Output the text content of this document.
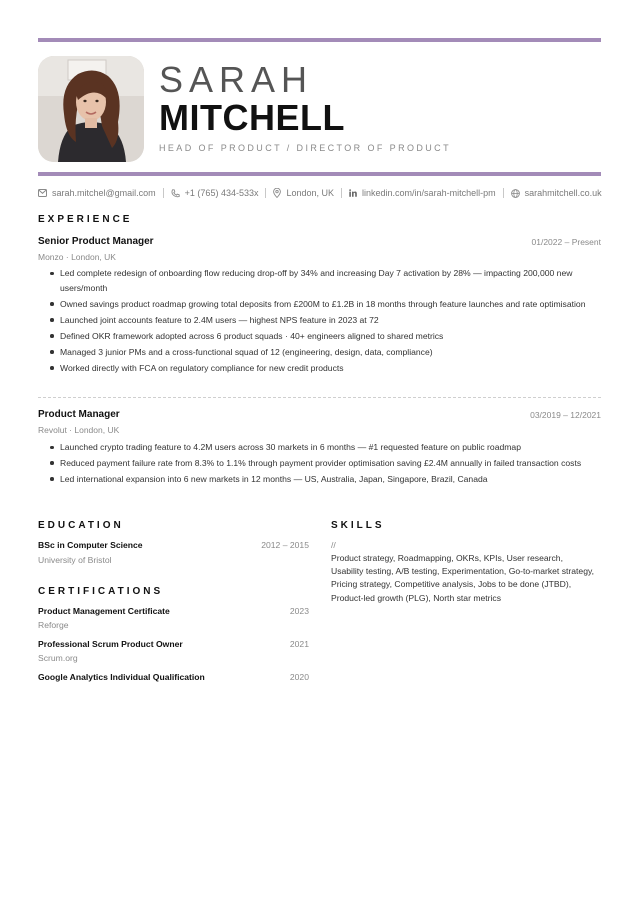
SARAH
MITCHELL
HEAD OF PRODUCT / DIRECTOR OF PRODUCT
sarah.mitchel@gmail.com	+1 (765) 434-533x	London, UK	linkedin.com/in/sarah-mitchell-pm	sarahmitchell.co.uk
EXPERIENCE
Senior Product Manager	01/2022 – Present
Monzo · London, UK
Led complete redesign of onboarding flow reducing drop-off by 34% and increasing Day 7 activation by 28% — impacting 200,000 new users/month
Owned savings product roadmap growing total deposits from £200M to £1.2B in 18 months through feature launches and rate optimisation
Launched joint accounts feature to 2.4M users — highest NPS feature in 2023 at 72
Defined OKR framework adopted across 6 product squads · 40+ engineers aligned to shared metrics
Managed 3 junior PMs and a cross-functional squad of 12 (engineering, design, data, compliance)
Worked directly with FCA on regulatory compliance for new credit products
Product Manager	03/2019 – 12/2021
Revolut · London, UK
Launched crypto trading feature to 4.2M users across 30 markets in 6 months — #1 requested feature on public roadmap
Reduced payment failure rate from 8.3% to 1.1% through payment provider optimisation saving £2.4M annually in failed transaction costs
Led international expansion into 6 new markets in 12 months — US, Australia, Japan, Singapore, Brazil, Canada
EDUCATION
BSc in Computer Science	2012 – 2015
University of Bristol
CERTIFICATIONS
Product Management Certificate	2023
Reforge
Professional Scrum Product Owner	2021
Scrum.org
Google Analytics Individual Qualification	2020
SKILLS
//
Product strategy, Roadmapping, OKRs, KPIs, User research, Usability testing, A/B testing, Experimentation, Go-to-market strategy, Pricing strategy, Competitive analysis, Jobs to be done (JTBD), Product-led growth (PLG), North star metrics
